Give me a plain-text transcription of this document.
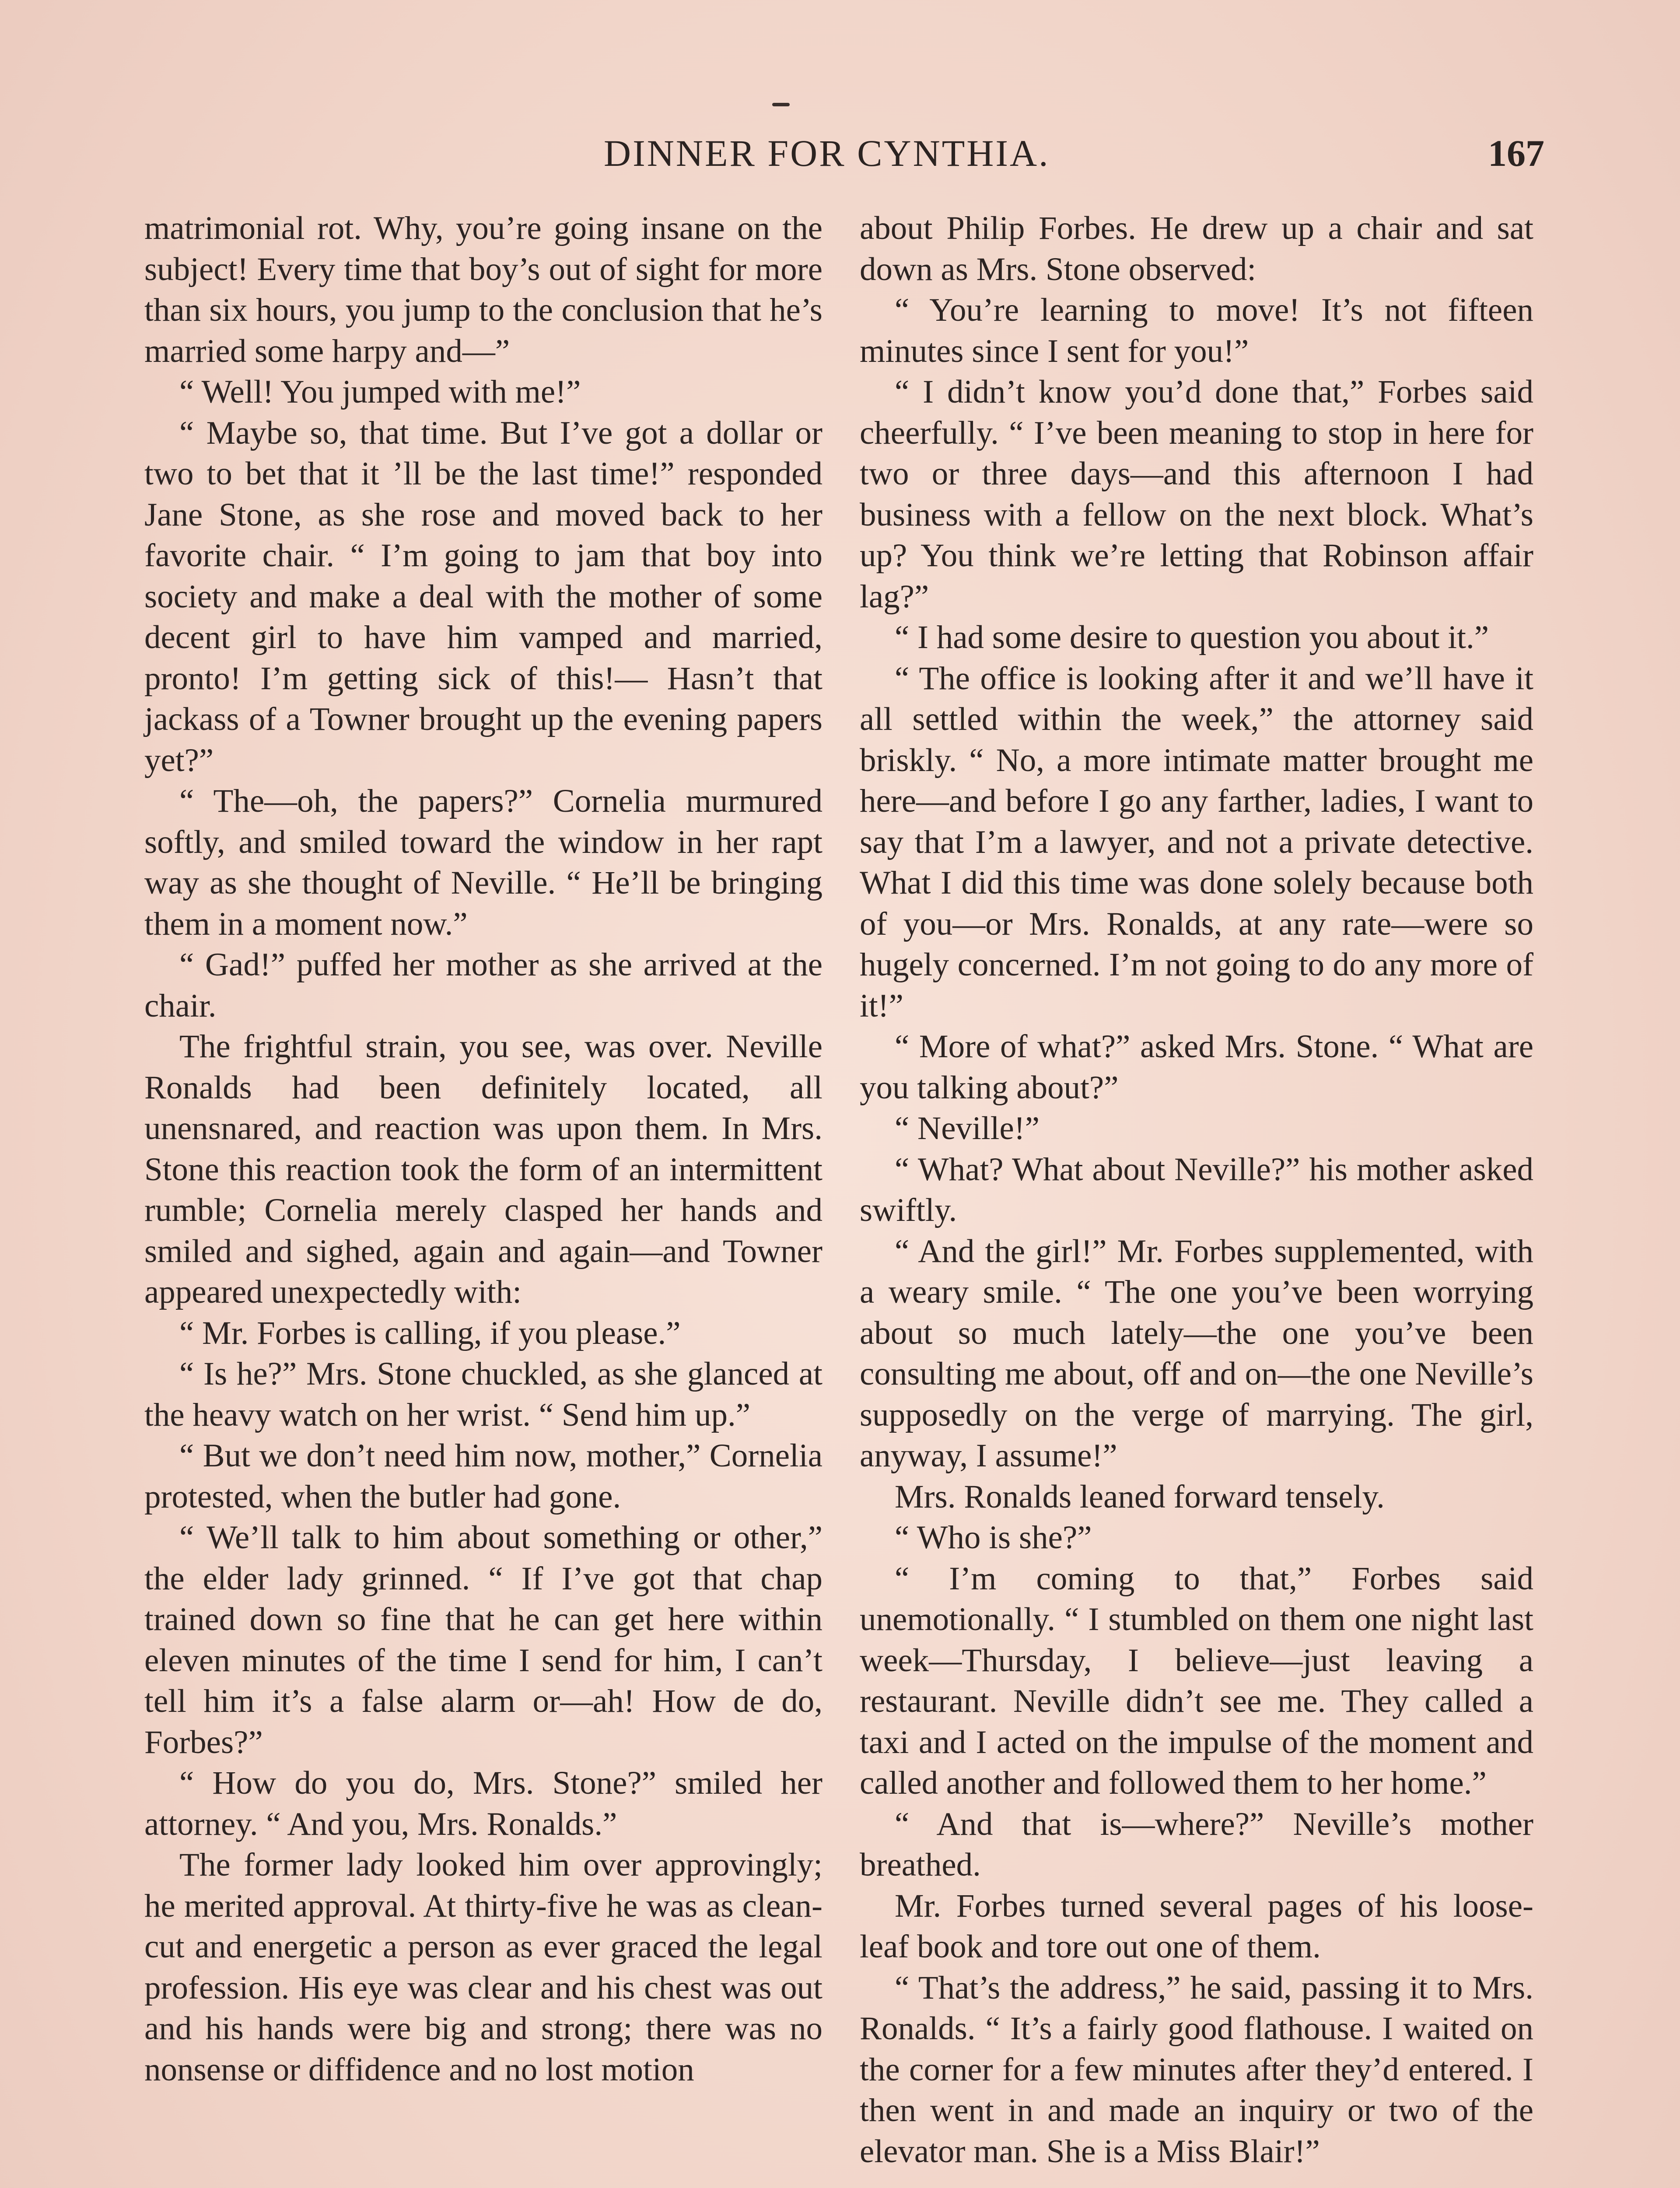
DINNER FOR CYNTHIA.	167

matrimonial rot. Why, you’re going insane on the subject! Every time that boy’s out of sight for more than six hours, you jump to the conclusion that he’s married some harpy and—”

“ Well! You jumped with me!”

“ Maybe so, that time. But I’ve got a dollar or two to bet that it ’ll be the last time!” responded Jane Stone, as she rose and moved back to her favorite chair. “ I’m going to jam that boy into society and make a deal with the mother of some decent girl to have him vamped and married, pronto! I’m getting sick of this!— Hasn’t that jackass of a Towner brought up the evening papers yet?”

“ The—oh, the papers?” Cornelia murmured softly, and smiled toward the window in her rapt way as she thought of Neville. “ He’ll be bringing them in a moment now.”

“ Gad!” puffed her mother as she arrived at the chair.

The frightful strain, you see, was over. Neville Ronalds had been definitely located, all unensnared, and reaction was upon them. In Mrs. Stone this reaction took the form of an intermittent rumble; Cornelia merely clasped her hands and smiled and sighed, again and again—and Towner appeared unexpectedly with:

“ Mr. Forbes is calling, if you please.”

“ Is he?” Mrs. Stone chuckled, as she glanced at the heavy watch on her wrist. “ Send him up.”

“ But we don’t need him now, mother,” Cornelia protested, when the butler had gone.

“ We’ll talk to him about something or other,” the elder lady grinned. “ If I’ve got that chap trained down so fine that he can get here within eleven minutes of the time I send for him, I can’t tell him it’s a false alarm or—ah! How de do, Forbes?”

“ How do you do, Mrs. Stone?” smiled her attorney. “ And you, Mrs. Ronalds.”

The former lady looked him over approvingly; he merited approval. At thirty-five he was as clean-cut and energetic a person as ever graced the legal profession. His eye was clear and his chest was out and his hands were big and strong; there was no nonsense or diffidence and no lost motion

about Philip Forbes. He drew up a chair and sat down as Mrs. Stone observed:

“ You’re learning to move! It’s not fifteen minutes since I sent for you!”

“ I didn’t know you’d done that,” Forbes said cheerfully. “ I’ve been meaning to stop in here for two or three days—and this afternoon I had business with a fellow on the next block. What’s up? You think we’re letting that Robinson affair lag?”

“ I had some desire to question you about it.”

“ The office is looking after it and we’ll have it all settled within the week,” the attorney said briskly. “ No, a more intimate matter brought me here—and before I go any farther, ladies, I want to say that I’m a lawyer, and not a private detective. What I did this time was done solely because both of you—or Mrs. Ronalds, at any rate—were so hugely concerned. I’m not going to do any more of it!”

“ More of what?” asked Mrs. Stone. “ What are you talking about?”

“ Neville!”

“ What? What about Neville?” his mother asked swiftly.

“ And the girl!” Mr. Forbes supplemented, with a weary smile. “ The one you’ve been worrying about so much lately—the one you’ve been consulting me about, off and on—the one Neville’s supposedly on the verge of marrying. The girl, anyway, I assume!”

Mrs. Ronalds leaned forward tensely.

“ Who is she?”

“ I’m coming to that,” Forbes said unemotionally. “ I stumbled on them one night last week—Thursday, I believe—just leaving a restaurant. Neville didn’t see me. They called a taxi and I acted on the impulse of the moment and called another and followed them to her home.”

“ And that is—where?” Neville’s mother breathed.

Mr. Forbes turned several pages of his loose-leaf book and tore out one of them.

“ That’s the address,” he said, passing it to Mrs. Ronalds. “ It’s a fairly good flathouse. I waited on the corner for a few minutes after they’d entered. I then went in and made an inquiry or two of the elevator man. She is a Miss Blair!”
